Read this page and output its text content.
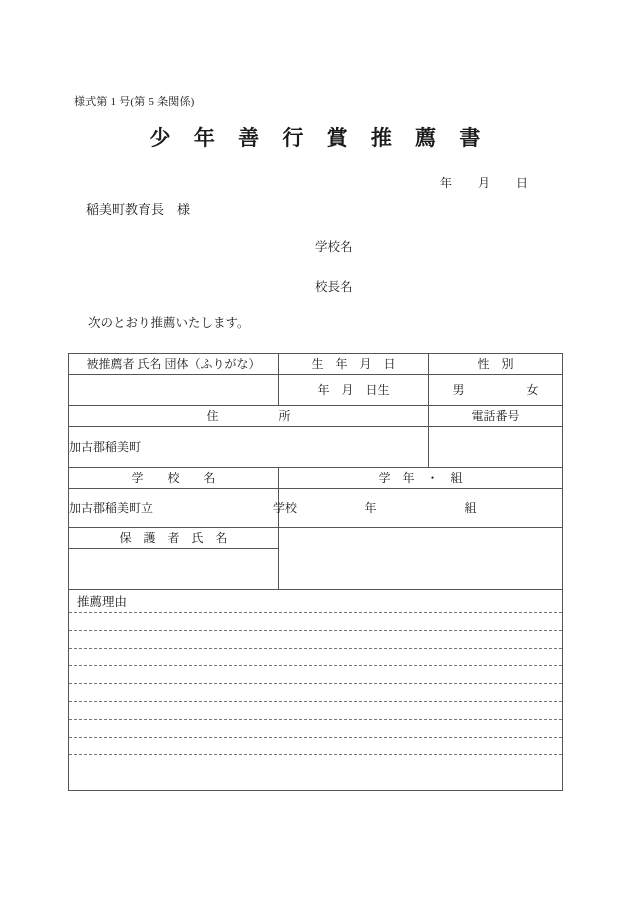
様式第 1 号(第 5 条関係)
少 年 善 行 賞 推 薦 書
年 月 日
稲美町教育長　様
学校名
校長名
次のとおり推薦いたします。
被推薦者 氏名 団体（ふりがな）	生　年　月　日	性　別
	年　月　日生	男 女
住　　　　　所		電話番号
加古郡稲美町		
学　　校　　名	学　年　・　組	
加古郡稲美町立 学校	年 組	
保　護　者　氏　名		

推薦理由		
